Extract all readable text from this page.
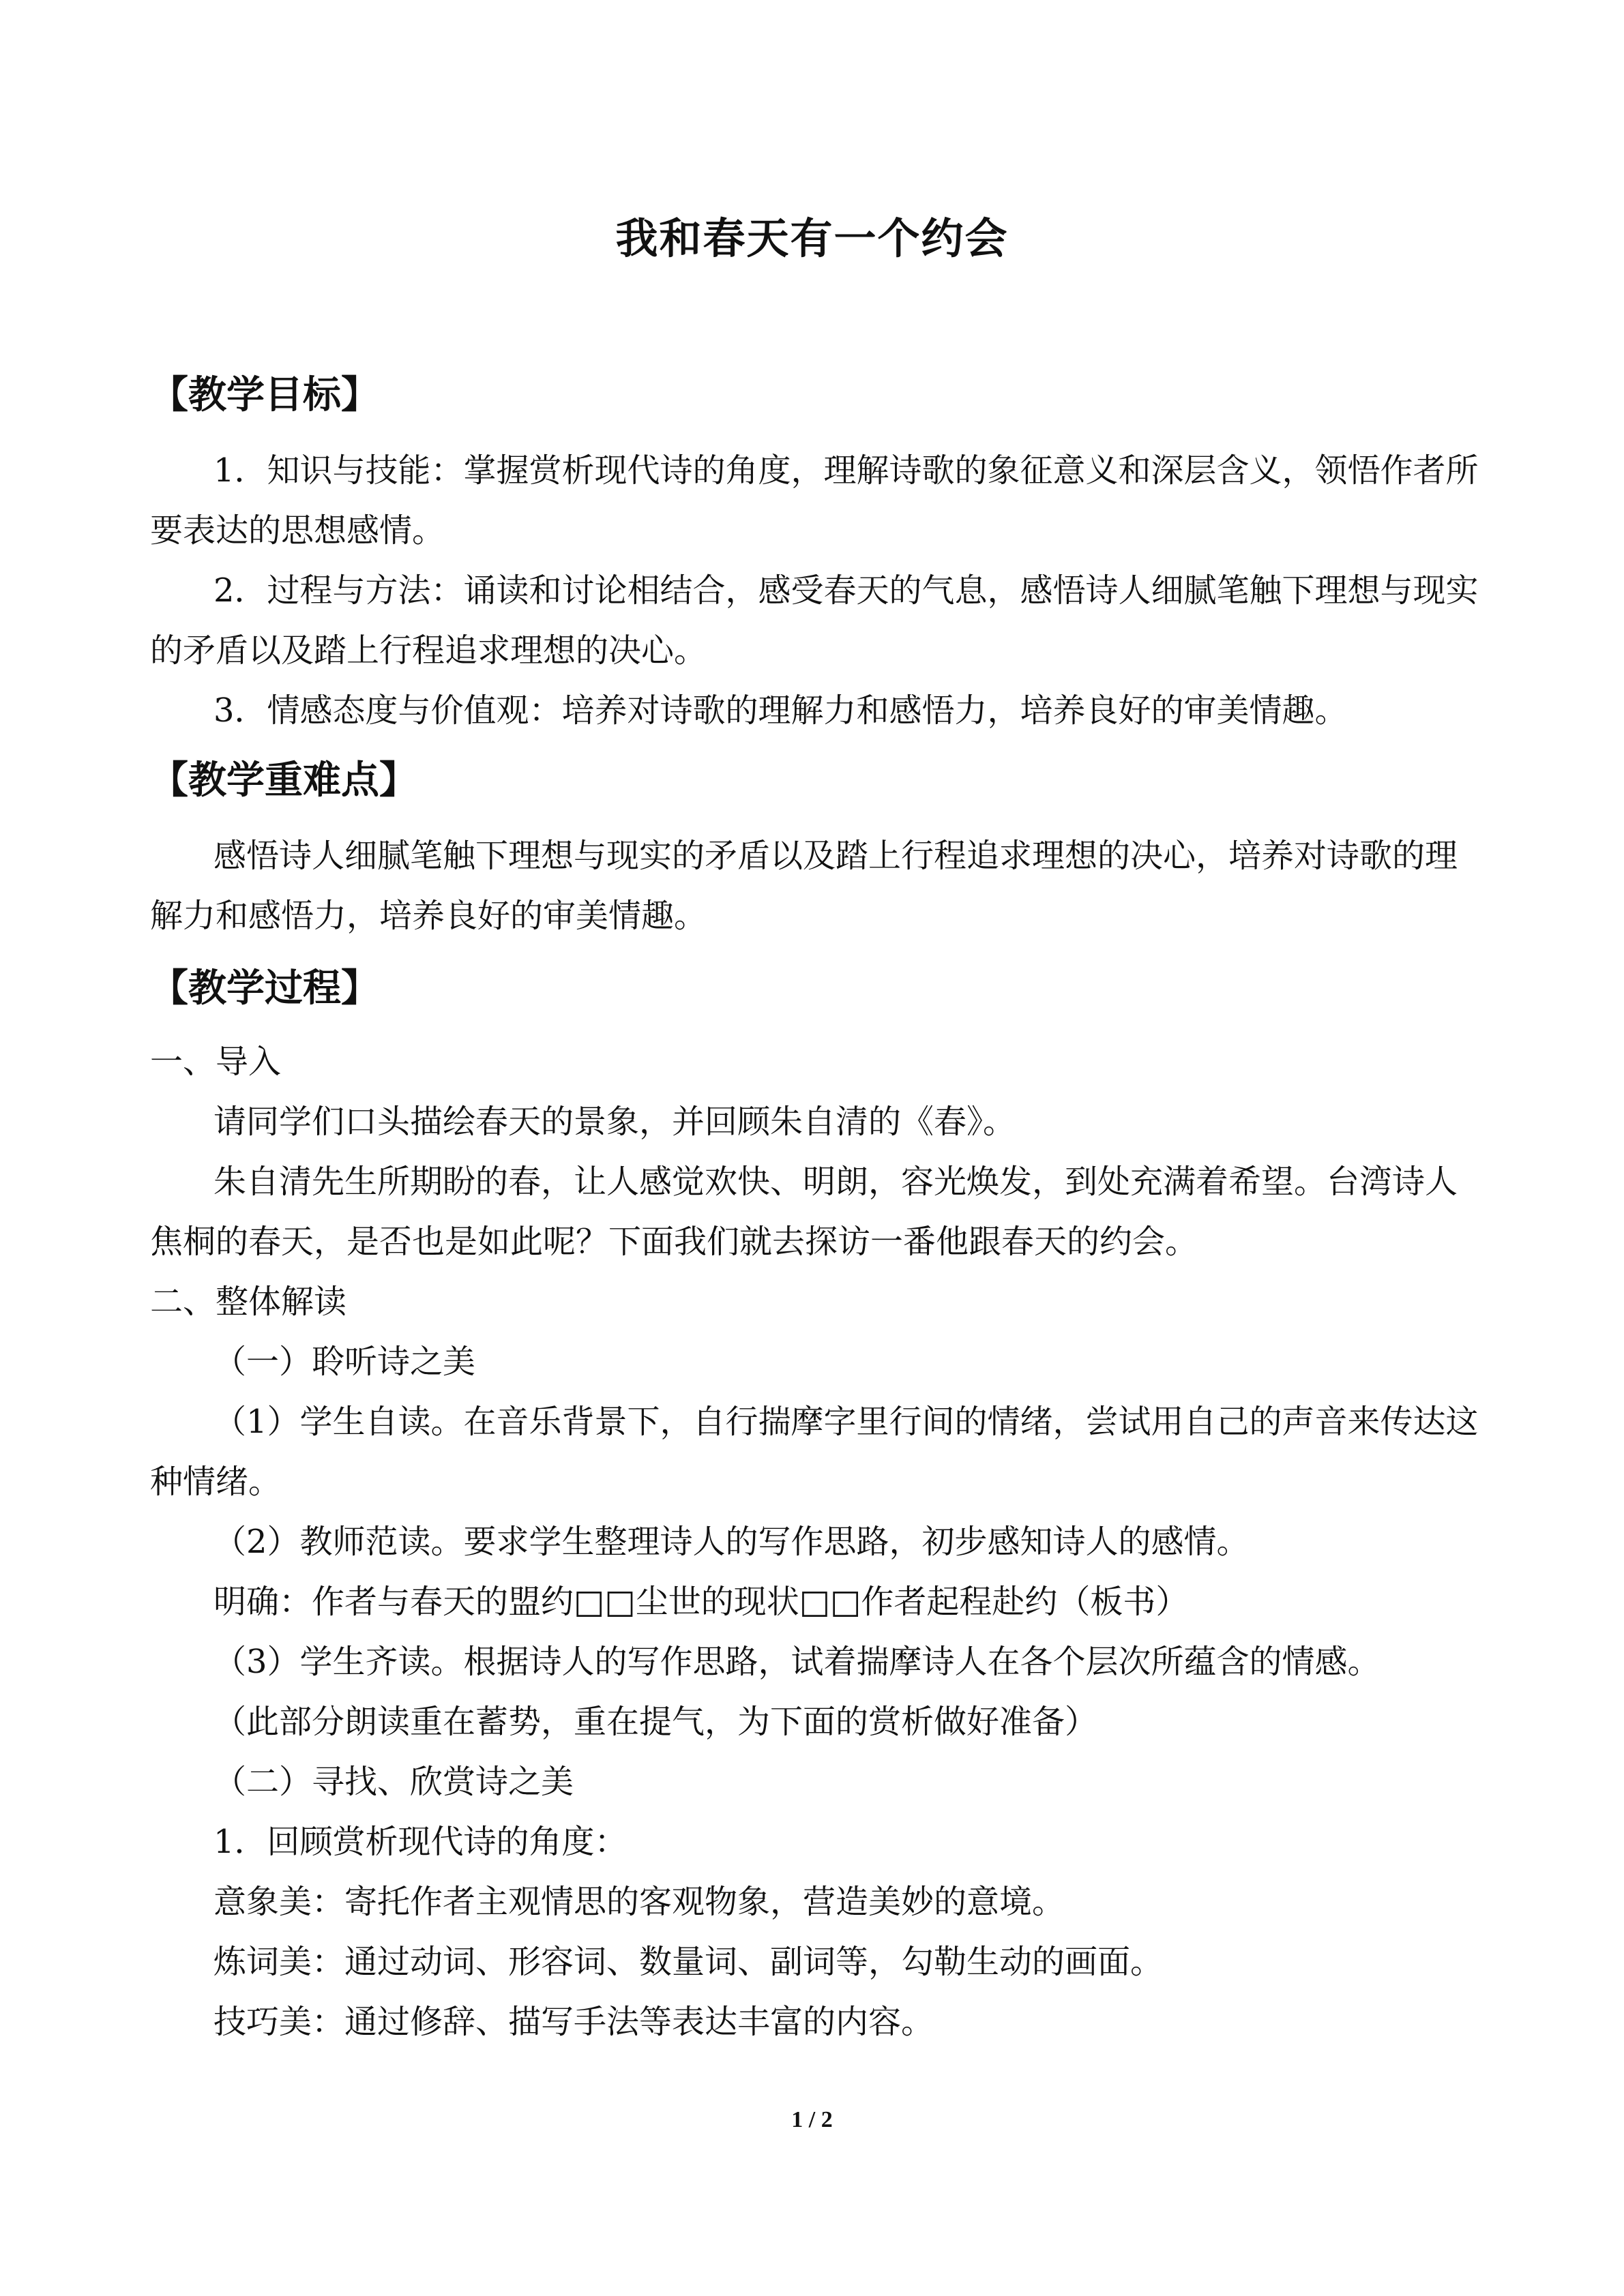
我和春天有一个约会
【教学目标】
1．知识与技能：掌握赏析现代诗的角度，理解诗歌的象征意义和深层含义，领悟作者所
要表达的思想感情。
2．过程与方法：诵读和讨论相结合，感受春天的气息，感悟诗人细腻笔触下理想与现实
的矛盾以及踏上行程追求理想的决心。
3．情感态度与价值观：培养对诗歌的理解力和感悟力，培养良好的审美情趣。
【教学重难点】
感悟诗人细腻笔触下理想与现实的矛盾以及踏上行程追求理想的决心，培养对诗歌的理
解力和感悟力，培养良好的审美情趣。
【教学过程】
一、导入
请同学们口头描绘春天的景象，并回顾朱自清的《春》。
朱自清先生所期盼的春，让人感觉欢快、明朗，容光焕发，到处充满着希望。台湾诗人
焦桐的春天，是否也是如此呢？下面我们就去探访一番他跟春天的约会。
二、整体解读
（一）聆听诗之美
（1）学生自读。在音乐背景下，自行揣摩字里行间的情绪，尝试用自己的声音来传达这
种情绪。
（2）教师范读。要求学生整理诗人的写作思路，初步感知诗人的感情。
明确：作者与春天的盟约□□尘世的现状□□作者起程赴约（板书）
（3）学生齐读。根据诗人的写作思路，试着揣摩诗人在各个层次所蕴含的情感。
（此部分朗读重在蓄势，重在提气，为下面的赏析做好准备）
（二）寻找、欣赏诗之美
1．回顾赏析现代诗的角度：
意象美：寄托作者主观情思的客观物象，营造美妙的意境。
炼词美：通过动词、形容词、数量词、副词等，勾勒生动的画面。
技巧美：通过修辞、描写手法等表达丰富的内容。
1 / 2
